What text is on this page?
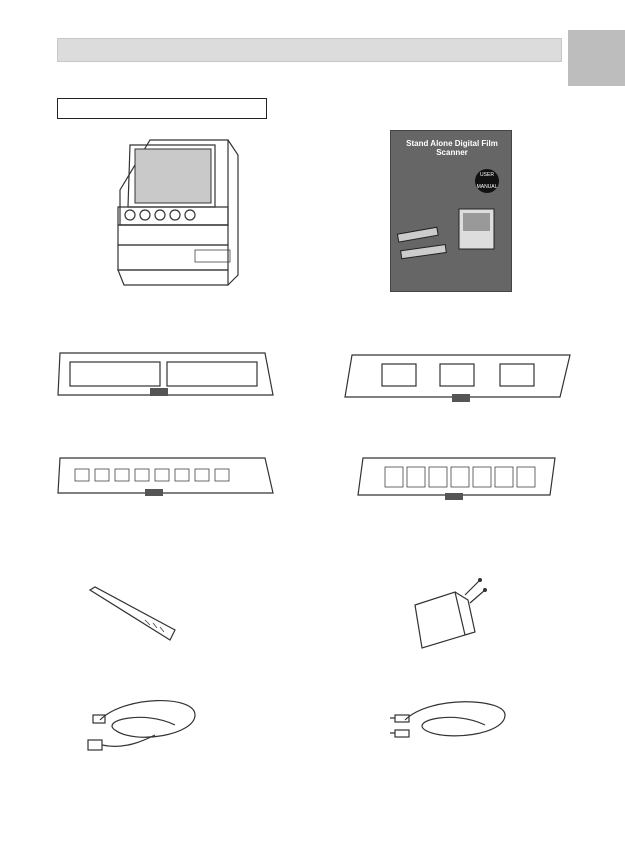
Stand Alone Digital Film Scanner
USER MANUAL
